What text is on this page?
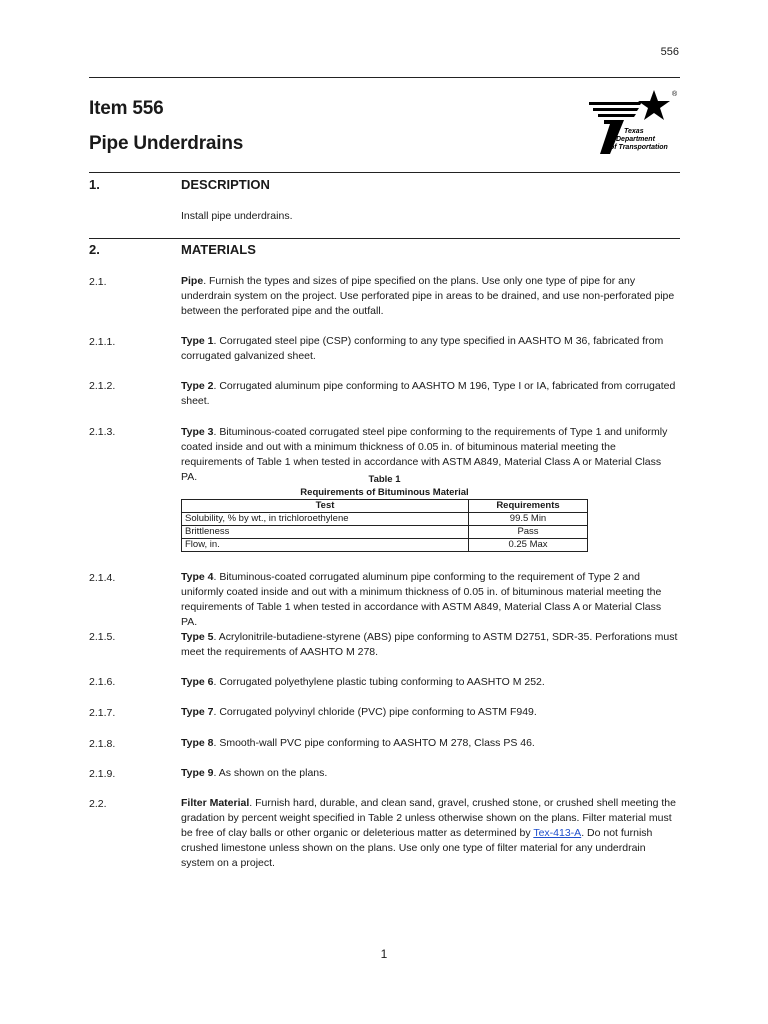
556
Item 556
Pipe Underdrains
®
Texas
Department
of Transportation
1.	DESCRIPTION
Install pipe underdrains.
2.	MATERIALS
2.1.	Pipe. Furnish the types and sizes of pipe specified on the plans. Use only one type of pipe for any underdrain system on the project. Use perforated pipe in areas to be drained, and use non-perforated pipe between the perforated pipe and the outfall.
2.1.1.	Type 1. Corrugated steel pipe (CSP) conforming to any type specified in AASHTO M 36, fabricated from corrugated galvanized sheet.
2.1.2.	Type 2. Corrugated aluminum pipe conforming to AASHTO M 196, Type I or IA, fabricated from corrugated sheet.
2.1.3.	Type 3. Bituminous-coated corrugated steel pipe conforming to the requirements of Type 1 and uniformly coated inside and out with a minimum thickness of 0.05 in. of bituminous material meeting the requirements of Table 1 when tested in accordance with ASTM A849, Material Class A or Material Class PA.	Table 1
Requirements of Bituminous Material
Test	Requirements
Solubility, % by wt., in trichloroethylene	99.5 Min
Brittleness	Pass
Flow, in.	0.25 Max
2.1.4.	Type 4. Bituminous-coated corrugated aluminum pipe conforming to the requirement of Type 2 and uniformly coated inside and out with a minimum thickness of 0.05 in. of bituminous material meeting the requirements of Table 1 when tested in accordance with ASTM A849, Material Class A or Material Class PA.
2.1.5.	Type 5. Acrylonitrile-butadiene-styrene (ABS) pipe conforming to ASTM D2751, SDR-35. Perforations must meet the requirements of AASHTO M 278.
2.1.6.	Type 6. Corrugated polyethylene plastic tubing conforming to AASHTO M 252.
2.1.7.	Type 7. Corrugated polyvinyl chloride (PVC) pipe conforming to ASTM F949.
2.1.8.	Type 8. Smooth-wall PVC pipe conforming to AASHTO M 278, Class PS 46.
2.1.9.	Type 9. As shown on the plans.
2.2.	Filter Material. Furnish hard, durable, and clean sand, gravel, crushed stone, or crushed shell meeting the gradation by percent weight specified in Table 2 unless otherwise shown on the plans. Filter material must be free of clay balls or other organic or deleterious matter as determined by Tex-413-A. Do not furnish crushed limestone unless shown on the plans. Use only one type of filter material for any underdrain system on a project.
1
